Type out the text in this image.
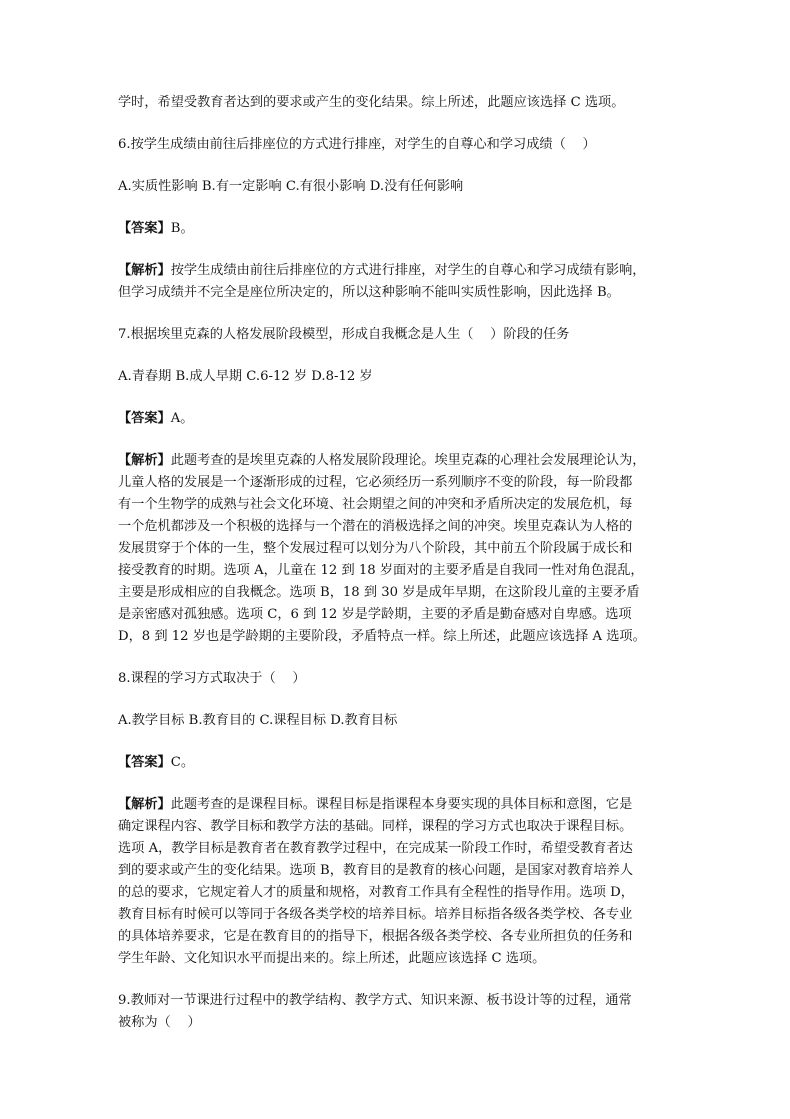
学时，希望受教育者达到的要求或产生的变化结果。综上所述，此题应该选择 C 选项。

6.按学生成绩由前往后排座位的方式进行排座，对学生的自尊心和学习成绩（    ）

A.实质性影响 B.有一定影响 C.有很小影响 D.没有任何影响

【答案】B。

【解析】按学生成绩由前往后排座位的方式进行排座，对学生的自尊心和学习成绩有影响，
但学习成绩并不完全是座位所决定的，所以这种影响不能叫实质性影响，因此选择 B。

7.根据埃里克森的人格发展阶段模型，形成自我概念是人生（    ）阶段的任务

A.青春期 B.成人早期 C.6-12 岁 D.8-12 岁

【答案】A。

【解析】此题考查的是埃里克森的人格发展阶段理论。埃里克森的心理社会发展理论认为，
儿童人格的发展是一个逐渐形成的过程，它必须经历一系列顺序不变的阶段，每一阶段都
有一个生物学的成熟与社会文化环境、社会期望之间的冲突和矛盾所决定的发展危机，每
一个危机都涉及一个积极的选择与一个潜在的消极选择之间的冲突。埃里克森认为人格的
发展贯穿于个体的一生，整个发展过程可以划分为八个阶段，其中前五个阶段属于成长和
接受教育的时期。选项 A，儿童在 12 到 18 岁面对的主要矛盾是自我同一性对角色混乱，
主要是形成相应的自我概念。选项 B，18 到 30 岁是成年早期，在这阶段儿童的主要矛盾
是亲密感对孤独感。选项 C，6 到 12 岁是学龄期，主要的矛盾是勤奋感对自卑感。选项
D，8 到 12 岁也是学龄期的主要阶段，矛盾特点一样。综上所述，此题应该选择 A 选项。

8.课程的学习方式取决于（    ）

A.教学目标 B.教育目的 C.课程目标 D.教育目标

【答案】C。

【解析】此题考查的是课程目标。课程目标是指课程本身要实现的具体目标和意图，它是
确定课程内容、教学目标和教学方法的基础。同样，课程的学习方式也取决于课程目标。
选项 A，教学目标是教育者在教育教学过程中，在完成某一阶段工作时，希望受教育者达
到的要求或产生的变化结果。选项 B，教育目的是教育的核心问题，是国家对教育培养人
的总的要求，它规定着人才的质量和规格，对教育工作具有全程性的指导作用。选项 D，
教育目标有时候可以等同于各级各类学校的培养目标。培养目标指各级各类学校、各专业
的具体培养要求，它是在教育目的的指导下，根据各级各类学校、各专业所担负的任务和
学生年龄、文化知识水平而提出来的。综上所述，此题应该选择 C 选项。

9.教师对一节课进行过程中的教学结构、教学方式、知识来源、板书设计等的过程，通常
被称为（    ）
